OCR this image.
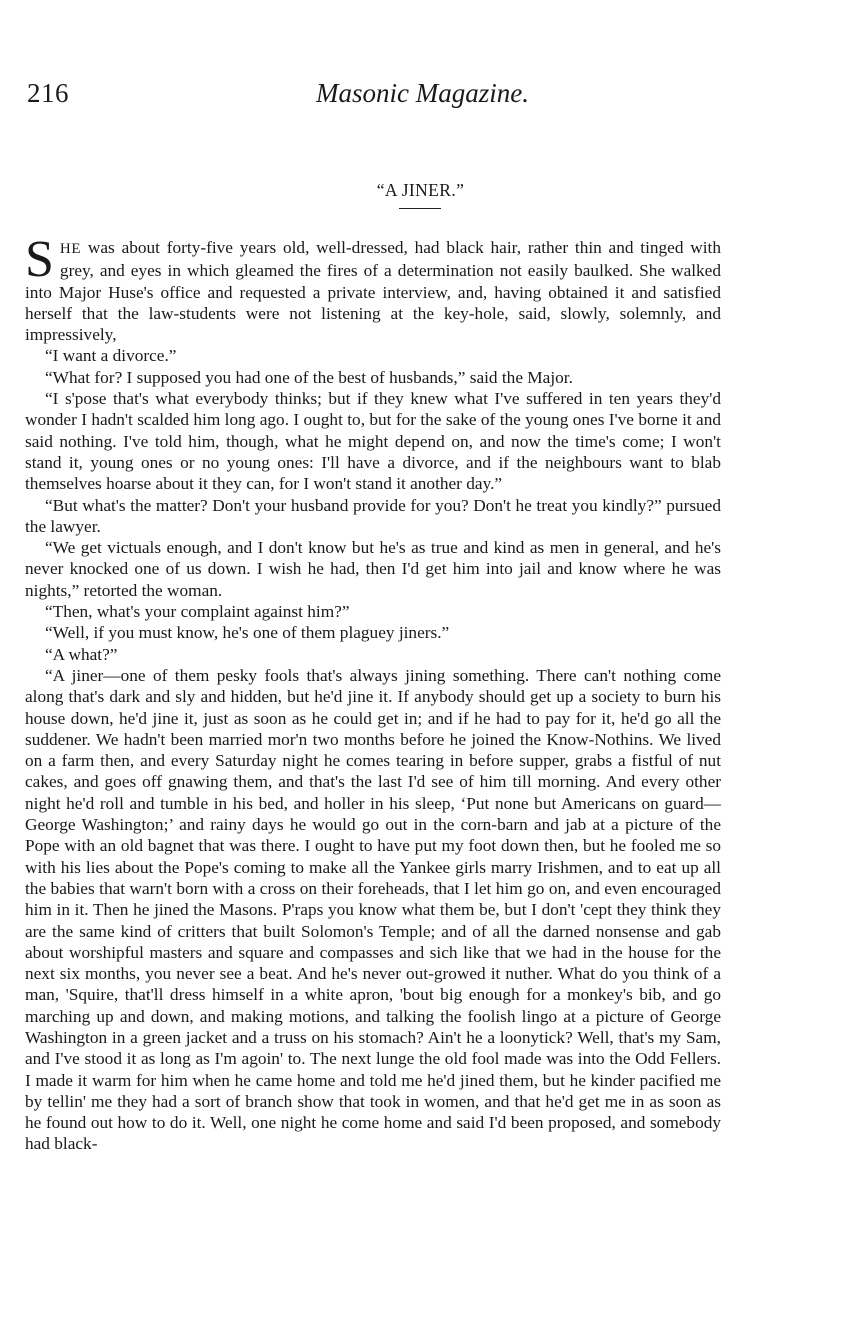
216	Masonic Magazine.
“A JINER.”

SHE was about forty-five years old, well-dressed, had black hair, rather thin and tinged with grey, and eyes in which gleamed the fires of a determination not easily baulked. She walked into Major Huse's office and requested a private interview, and, having obtained it and satisfied herself that the law-students were not listening at the key-hole, said, slowly, solemnly, and impressively,

“I want a divorce.”

“What for? I supposed you had one of the best of husbands,” said the Major.

“I s'pose that's what everybody thinks; but if they knew what I've suffered in ten years they'd wonder I hadn't scalded him long ago. I ought to, but for the sake of the young ones I've borne it and said nothing. I've told him, though, what he might depend on, and now the time's come; I won't stand it, young ones or no young ones: I'll have a divorce, and if the neighbours want to blab themselves hoarse about it they can, for I won't stand it another day.”

“But what's the matter? Don't your husband provide for you? Don't he treat you kindly?” pursued the lawyer.

“We get victuals enough, and I don't know but he's as true and kind as men in general, and he's never knocked one of us down. I wish he had, then I'd get him into jail and know where he was nights,” retorted the woman.

“Then, what's your complaint against him?”

“Well, if you must know, he's one of them plaguey jiners.”

“A what?”

“A jiner—one of them pesky fools that's always jining something. There can't nothing come along that's dark and sly and hidden, but he'd jine it. If anybody should get up a society to burn his house down, he'd jine it, just as soon as he could get in; and if he had to pay for it, he'd go all the suddener. We hadn't been married mor'n two months before he joined the Know-Nothins. We lived on a farm then, and every Saturday night he comes tearing in before supper, grabs a fistful of nut cakes, and goes off gnawing them, and that's the last I'd see of him till morning. And every other night he'd roll and tumble in his bed, and holler in his sleep, ‘Put none but Americans on guard—George Washington;’ and rainy days he would go out in the corn-barn and jab at a picture of the Pope with an old bagnet that was there. I ought to have put my foot down then, but he fooled me so with his lies about the Pope's coming to make all the Yankee girls marry Irishmen, and to eat up all the babies that warn't born with a cross on their foreheads, that I let him go on, and even encouraged him in it. Then he jined the Masons. P'raps you know what them be, but I don't 'cept they think they are the same kind of critters that built Solomon's Temple; and of all the darned nonsense and gab about worshipful masters and square and compasses and sich like that we had in the house for the next six months, you never see a beat. And he's never out-growed it nuther. What do you think of a man, 'Squire, that'll dress himself in a white apron, 'bout big enough for a monkey's bib, and go marching up and down, and making motions, and talking the foolish lingo at a picture of George Washington in a green jacket and a truss on his stomach? Ain't he a loonytick? Well, that's my Sam, and I've stood it as long as I'm agoin' to. The next lunge the old fool made was into the Odd Fellers. I made it warm for him when he came home and told me he'd jined them, but he kinder pacified me by tellin' me they had a sort of branch show that took in women, and that he'd get me in as soon as he found out how to do it. Well, one night he come home and said I'd been proposed, and somebody had black-
